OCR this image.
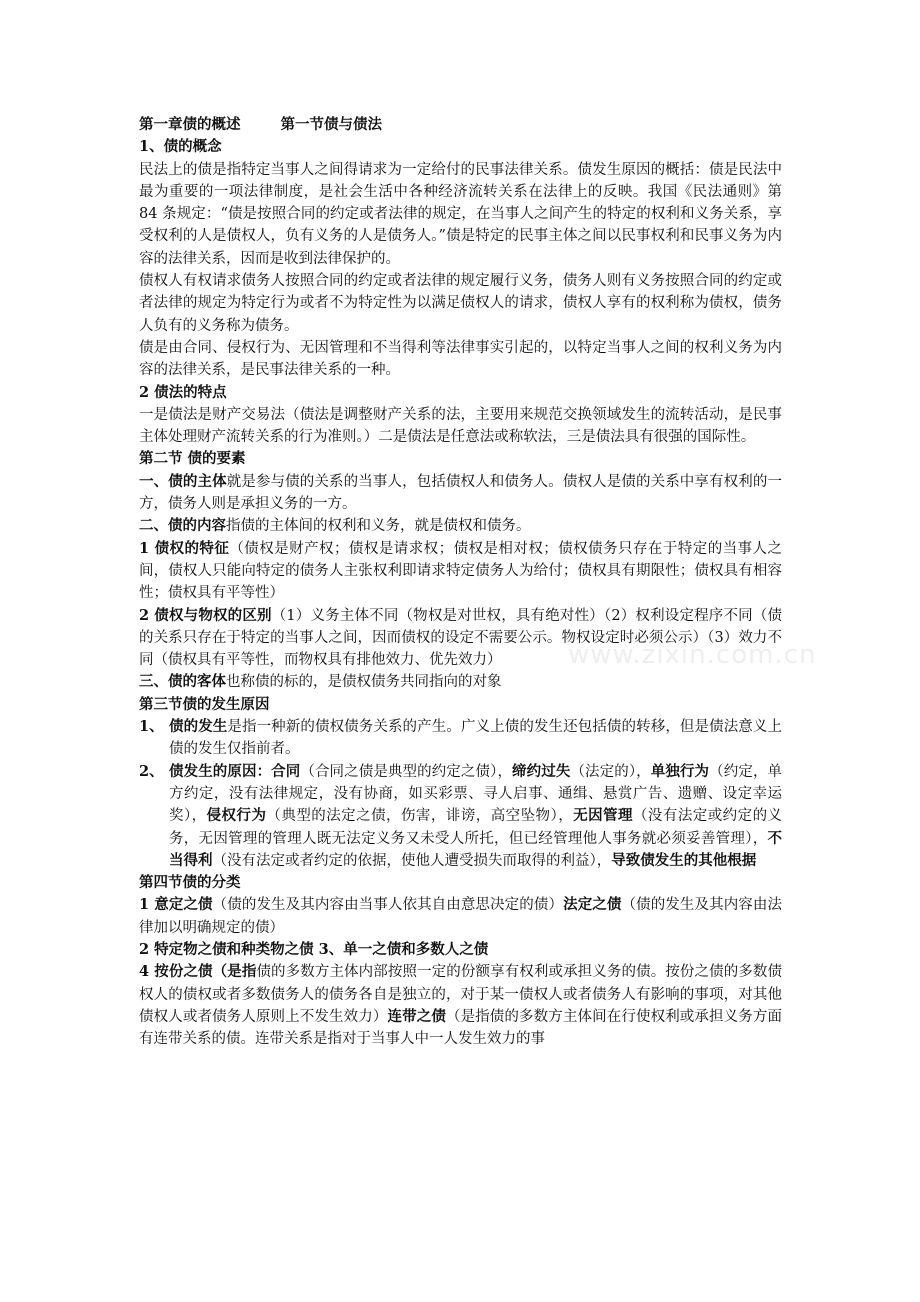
第一章债的概述	第一节债与债法

1、债的概念

民法上的债是指特定当事人之间得请求为一定给付的民事法律关系。债发生原因的概括：债是民法中最为重要的一项法律制度，是社会生活中各种经济流转关系在法律上的反映。我国《民法通则》第 84 条规定：“债是按照合同的约定或者法律的规定，在当事人之间产生的特定的权利和义务关系，享受权利的人是债权人，负有义务的人是债务人。”债是特定的民事主体之间以民事权利和民事义务为内容的法律关系，因而是收到法律保护的。

债权人有权请求债务人按照合同的约定或者法律的规定履行义务，债务人则有义务按照合同的约定或者法律的规定为特定行为或者不为特定性为以满足债权人的请求，债权人享有的权利称为债权，债务人负有的义务称为债务。

债是由合同、侵权行为、无因管理和不当得利等法律事实引起的，以特定当事人之间的权利义务为内容的法律关系，是民事法律关系的一种。

2 债法的特点

一是债法是财产交易法（债法是调整财产关系的法，主要用来规范交换领域发生的流转活动，是民事主体处理财产流转关系的行为准则。）二是债法是任意法或称软法，三是债法具有很强的国际性。

第二节 债的要素

一、债的主体就是参与债的关系的当事人，包括债权人和债务人。债权人是债的关系中享有权利的一方，债务人则是承担义务的一方。

二、债的内容指债的主体间的权利和义务，就是债权和债务。

1 债权的特征（债权是财产权；债权是请求权；债权是相对权；债权债务只存在于特定的当事人之间，债权人只能向特定的债务人主张权利即请求特定债务人为给付；债权具有期限性；债权具有相容性；债权具有平等性）

2 债权与物权的区别（1）义务主体不同（物权是对世权，具有绝对性）（2）权利设定程序不同（债的关系只存在于特定的当事人之间，因而债权的设定不需要公示。物权设定时必须公示）（3）效力不同（债权具有平等性，而物权具有排他效力、优先效力）

三、债的客体也称债的标的，是债权债务共同指向的对象

第三节债的发生原因

1、 债的发生是指一种新的债权债务关系的产生。广义上债的发生还包括债的转移，但是债法意义上债的发生仅指前者。
2、 债发生的原因：合同（合同之债是典型的约定之债），缔约过失（法定的），单独行为（约定，单方约定，没有法律规定，没有协商，如买彩票、寻人启事、通缉、悬赏广告、遗赠、设定幸运奖），侵权行为（典型的法定之债，伤害，诽谤，高空坠物），无因管理（没有法定或约定的义务，无因管理的管理人既无法定义务又未受人所托，但已经管理他人事务就必须妥善管理），不当得利（没有法定或者约定的依据，使他人遭受损失而取得的利益），导致债发生的其他根据

第四节债的分类

1 意定之债（债的发生及其内容由当事人依其自由意思决定的债）法定之债（债的发生及其内容由法律加以明确规定的债）

2 特定物之债和种类物之债 3、单一之债和多数人之债

4 按份之债（是指债的多数方主体内部按照一定的份额享有权利或承担义务的债。按份之债的多数债权人的债权或者多数债务人的债务各自是独立的，对于某一债权人或者债务人有影响的事项，对其他债权人或者债务人原则上不发生效力）连带之债（是指债的多数方主体间在行使权利或承担义务方面有连带关系的债。连带关系是指对于当事人中一人发生效力的事

www.zixin.com.cn
